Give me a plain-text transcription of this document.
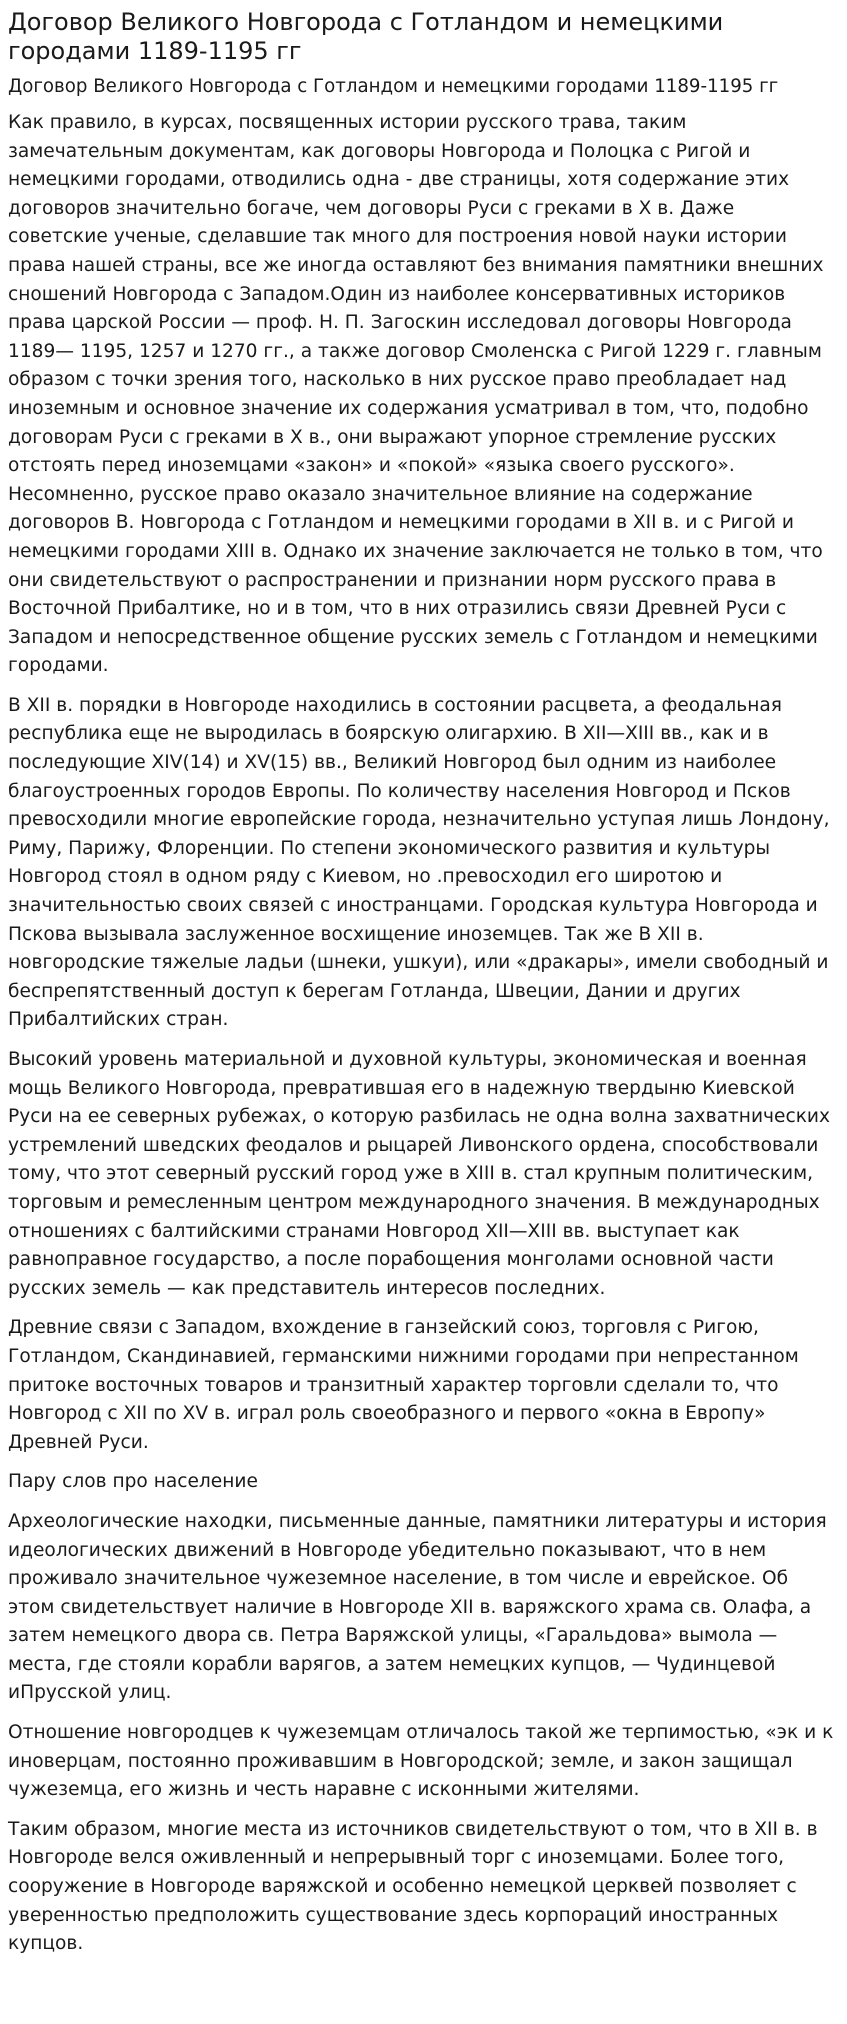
Договор Великого Новгорода с Готландом и немецкими городами 1189-1195 гг
Договор Великого Новгорода с Готландом и немецкими городами 1189-1195 гг

Как правило, в курсах, посвященных истории русского трава, таким замечательным документам, как договоры Новгорода и Полоцка с Ригой и немецкими городами, отводились одна - две страницы, хотя содержание этих договоров значительно богаче, чем договоры Руси с греками в X в. Даже советские ученые, сделавшие так много для построения новой науки истории права нашей страны, все же иногда оставляют без внимания памятники внешних сношений Новгорода с Западом.Один из наиболее консервативных историков права царской России — проф. Н. П. Загоскин исследовал договоры Новгорода 1189— 1195, 1257 и 1270 гг., а также договор Смоленска с Ригой 1229 г. главным образом с точки зрения того, насколько в них русское право преобладает над иноземным и основное значение их содержания усматривал в том, что, подобно договорам Руси с греками в X в., они выражают упорное стремление русских отстоять перед иноземцами «закон» и «покой» «языка своего русского». Несомненно, русское право оказало значительное влияние на содержание договоров В. Новгорода с Готландом и немецкими городами в XII в. и с Ригой и немецкими городами XIII в. Однако их значение заключается не только в том, что они свидетельствуют о распространении и признании норм русского права в Восточной Прибалтике, но и в том, что в них отразились связи Древней Руси с Западом и непосредственное общение русских земель с Готландом и немецкими городами.

В XII в. порядки в Новгороде находились в состоянии расцвета, а феодальная республика еще не выродилась в боярскую олигархию. В XII—XIII вв., как и в последующие XIV(14) и XV(15) вв., Великий Новгород был одним из наиболее благоустроенных городов Европы. По количеству населения Новгород и Псков превосходили многие европейские города, незначительно уступая лишь Лондону, Риму, Парижу, Флоренции. По степени экономического развития и культуры Новгород стоял в одном ряду с Киевом, но .превосходил его широтою и значительностью своих связей с иностранцами. Городская культура Новгорода и Пскова вызывала заслуженное восхищение иноземцев. Так же В XII в. новгородские тяжелые ладьи (шнеки, ушкуи), или «дракары», имели свободный и беспрепятственный доступ к берегам Готланда, Швеции, Дании и других Прибалтийских стран.

Высокий уровень материальной и духовной культуры, экономическая и военная мощь Великого Новгорода, превратившая его в надежную твердыню Киевской Руси на ее северных рубежах, о которую разбилась не одна волна захватнических устремлений шведских феодалов и рыцарей Ливонского ордена, способствовали тому, что этот северный русский город уже в XIII в. стал крупным политическим, торговым и ремесленным центром международного значения. В международных отношениях с балтийскими странами Новгород XII—XIII вв. выступает как равноправное государство, а после порабощения монголами основной части русских земель — как представитель интересов последних.

Древние связи с Западом, вхождение в ганзейский союз, торговля с Ригою, Готландом, Скандинавией, германскими нижними городами при непрестанном притоке восточных товаров и транзитный характер торговли сделали то, что Новгород с XII по XV в. играл роль своеобразного и первого «окна в Европу» Древней Руси.

Пару слов про население

Археологические находки, письменные данные, памятники литературы и история идеологических движений в Новгороде убедительно показывают, что в нем проживало значительное чужеземное население, в том числе и еврейское. Об этом свидетельствует наличие в Новгороде XII в. варяжского храма св. Олафа, а затем немецкого двора св. Петра Варяжской улицы, «Гаральдова» вымола — места, где стояли корабли варягов, а затем немецких купцов, — Чудинцевой иПрусской улиц.

Отношение новгородцев к чужеземцам отличалось такой же терпимостью, «эк и к иноверцам, постоянно проживавшим в Новгородской; земле, и закон защищал чужеземца, его жизнь и честь наравне с исконными жителями.

Таким образом, многие места из источников свидетельствуют о том, что в XII в. в Новгороде велся оживленный и непрерывный торг с иноземцами. Более того, сооружение в Новгороде варяжской и особенно немецкой церквей позволяет с уверенностью предположить существование здесь корпораций иностранных купцов.
